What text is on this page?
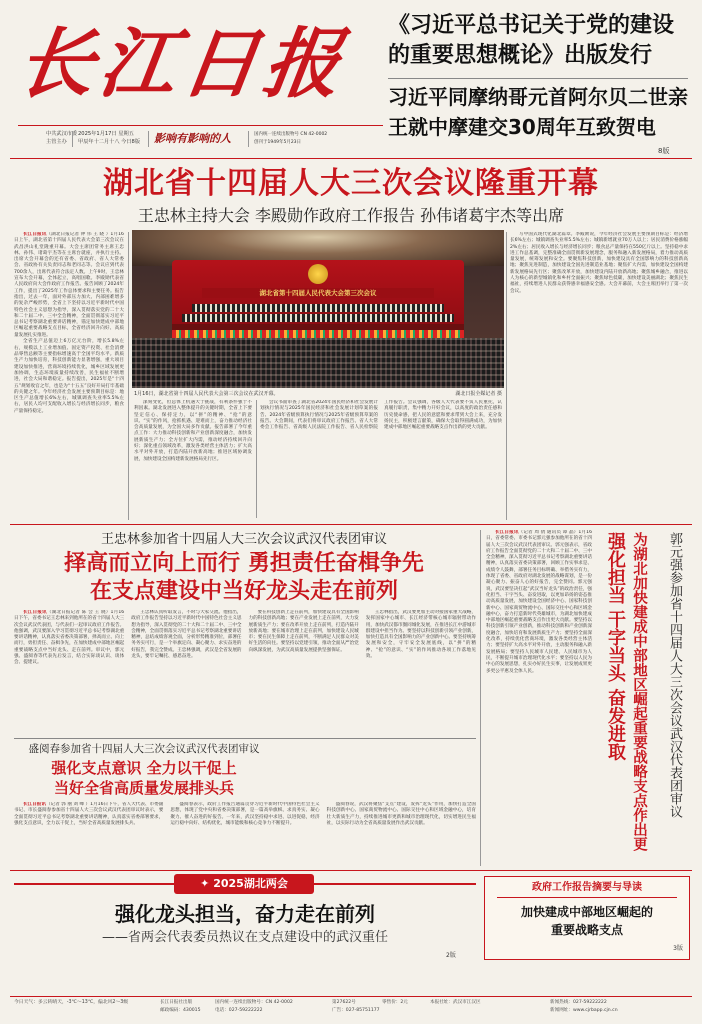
长江日报
中共武汉市委
主管主办
2025年1月17日 星期五
甲辰年十二月十八 今日8版 影响有影响的人	国内统一连续出版物号 CN 42-0002
创刊于1949年5月23日
《习近平总书记关于党的建设的重要思想概论》出版发行
习近平同摩纳哥元首阿尔贝二世亲王就中摩建交30周年互致贺电
8版
湖北省十四届人大三次会议隆重开幕
王忠林主持大会 李殿勋作政府工作报告 孙伟诸葛宇杰等出席

长江日报讯（湖北日报记者 钟 伟 王 晓 ）1月16日上午，湖北省第十四届人民代表大会第三次会议在武昌洪山礼堂隆重开幕。大会主席团常务主席王忠林、孙伟、诸葛宇杰等在主席台就座，并执行主持。出席大会开幕会的还有省委、省政府、省人大常委会、省政协有关负责同志和老同志等。会议应到代表700余人，出席代表符合法定人数。上午9时，王忠林宣布大会开幕，全体起立，高唱国歌。李殿勋代表省人民政府向大会作政府工作报告。报告回顾了2024年工作，提出了2025年工作总体要求和主要任务。报告指出，过去一年，面对外部压力加大、内部困难增多的复杂严峻形势，全省上下坚持以习近平新时代中国特色社会主义思想为指导，深入贯彻落实党的二十大和二十届二中、三中全会精神，全面贯彻落实习近平总书记考察湖北重要讲话精神，锚定加快建成中部地区崛起重要战略支点目标，全省经济回升向好、高质量发展扎实推进。

全省生产总值迈上6万亿元台阶，增长5.8%左右，规模以上工业增加值、固定资产投资、社会消费品零售总额等主要指标增速高于全国平均水平。新质生产力加快培育，科技创新能力显著增强，重大项目建设加快推进，营商环境持续优化，城乡区域发展更加协调，生态环境质量持续改善，民生福祉不断增进，社会大局和谐稳定。报告提出，2025年是“十四五”规划收官之年，也是为“十五五”良好开局打牢基础的关键之年。今年经济社会发展主要预期目标是：地区生产总值增长6%左右，城镇调查失业率5.5%左右，居民人均可支配收入增长与经济增长同步，粮食产量保持稳定。

湖北省第十四届人民代表大会第三次会议
1月16日，湖北省第十四届人民代表大会第三次会议在武汉开幕。	湖北日报全媒记者 摄

深刻变化，但总体上机遇大于挑战，有利条件强于不利因素。湖北发展进入整体提升的关键时期，全省上下要坚定信心、保持定力，以“拼”的精神、“抢”的意识、“实”的作风，抢抓机遇、迎难而上，奋力推动经济社会高质量发展，为全国大局多作贡献。报告部署了今年重点工作：大力推动科技创新和产业创新深度融合，加快发展新质生产力；全方位扩大内需，推动经济持续回升向好；深化重点领域改革，激发各类经营主体活力；扩大高水平对外开放，打造内陆开放新高地；推进区域协调发展，加快建设全国构建新发展格局先行区。

会议书面审查了湖北省2024年国民经济和社会发展计划执行情况与2025年国民经济和社会发展计划草案的报告、2024年省级预算执行情况与2025年省级预算草案的报告。大会期间，代表们将审议政府工作报告、省人大常委会工作报告、省高级人民法院工作报告、省人民检察院工作报告。会议强调，各级人大代表要不负人民重托，认真履行职责，集中精力开好会议，以高度的政治责任感和历史使命感，把人民的意愿和要求带到大会上来，充分发扬民主，积极建言献策，确保大会取得圆满成功，为加快建成中部地区崛起重要战略支点作出新的更大贡献。

写中国式现代化湖北篇章。李殿勋说，今年经济社会发展主要预期目标是：经济增长6%左右；城镇调查失业率5.5%左右；城镇新增就业70万人以上；居民消费价格涨幅2%左右；居民收入增长与经济增长同步；粮食总产量保持在550亿斤以上。坚持稳中求进工作总基调，完整准确全面贯彻新发展理念，服务和融入新发展格局，着力推动高质量发展，统筹发展和安全。要聚焦科技创新，加快建设具有全国影响力的科技创新高地；聚焦先进制造，加快建设全国先进制造业基地；聚焦扩大内需，加快建设全国构建新发展格局先行区；聚焦改革开放，加快建设内陆开放新高地；聚焦城乡融合，推进以人为核心的新型城镇化和乡村全面振兴；聚焦绿色低碳，加快建设美丽湖北；聚焦民生福祉，持续增进人民群众获得感幸福感安全感。大会开幕前，大会主席团举行了第一次会议。

王忠林参加省十四届人大三次会议武汉代表团审议
择高而立向上而行 勇担责任奋楫争先
在支点建设中当好龙头走在前列

长江日报讯（湖北日报记者 陈 会 王 晓）1月16日下午，省委书记王忠林来到他所在的省十四届人大三次会议武汉代表团，与代表们一起审议政府工作报告。他强调，武汉要深入学习贯彻习近平总书记考察湖北重要讲话精神，认真落实省委决策部署，择高而立、向上而行，勇担责任、奋楫争先，在加快建成中部地区崛起重要战略支点中当好龙头、走在前列。审议中，郭元强、盛阅春等代表先后发言，结合实际谈认识、谈体会、提建议。

王忠林认真听取发言，不时与大家交流。他指出，政府工作报告坚持以习近平新时代中国特色社会主义思想为指导，深入贯彻党的二十大和二十届二中、三中全会精神，全面贯彻落实习近平总书记考察湖北重要讲话精神，总结成绩客观全面，分析形势精准到位，部署任务务实可行，是一个举旗定向、凝心聚力、求实奋进的好报告，我完全赞成。王忠林强调，武汉是全省发展的龙头，要牢记嘱托、感恩奋进。

要在科技创新上走在前列，加快建设具有全国影响力的科技创新高地；要在产业发展上走在前列，大力发展新质生产力；要在改革开放上走在前列，打造内陆开放新高地；要在城市治理上走在前列，加快建设人民城市；要在民生保障上走在前列，不断满足人民群众对美好生活的向往。要坚持以党建引领，推动全面从严治党向纵深发展，为武汉高质量发展提供坚强保证。

王忠林指出，武汉要更加主动对接国家重大战略，发挥国家中心城市、长江经济带核心城市辐射带动作用，加快武汉都市圈同城化发展，在推进长江中游城市群建设中担当作为。要坚持以科技创新引领产业创新，加快打造具有全国影响力的产业创新中心。要坚持统筹发展和安全，守牢安全发展底线，以“拼”的精神、“抢”的意识、“实”的作风推动各项工作落地见效。

盛阅春参加省十四届人大三次会议武汉代表团审议
强化支点意识 全力以干促上
当好全省高质量发展排头兵

长江日报讯（记者 郭 丽 刘 峰 ）1月16日下午，省人大代表、市委副书记、市长盛阅春参加省十四届人大三次会议武汉代表团审议时表示，要全面贯彻习近平总书记考察湖北重要讲话精神，认真落实省委部署要求，强化支点意识，全力以干促上，当好全省高质量发展排头兵。

盛阅春表示，政府工作报告通篇贯穿习近平新时代中国特色社会主义思想，体现了党中央和省委决策部署，是一篇高举旗帜、求真务实、凝心聚力、催人奋进的好报告。一年来，武汉坚持稳中求进、以进促稳，经济运行稳中向好、结构优化，城市能级和核心竞争力不断提升。

盛阅春说，武汉将聚焦“支点”建设，发挥“龙头”作用，加快打造全国科技创新中心、国家商贸物流中心、国际交往中心和区域金融中心，培育壮大新质生产力，持续推进城市更新和城市治理现代化，切实增进民生福祉，以实际行动为全省高质量发展作出武汉贡献。

长江日报讯（记者 周 倩 通讯员 谭 晶）1月16日，省委常委、市委书记郭元强参加他所在的省十四届人大三次会议武汉代表团审议。郭元强表示，省政府工作报告全面贯彻党的二十大和二十届二中、三中全会精神，深入贯彻习近平总书记考察湖北重要讲话精神，认真落实省委决策部署，回顾工作实事求是、成绩令人鼓舞，部署任务目标明确、举措务实有力，体现了省委、省政府对湖北发展的战略谋划，是一份凝心聚力、振奋人心的好报告，完全赞同。郭元强说，武汉要坚决扛起“武汉当好龙头”的政治责任，强化担当、干字当头、奋发进取，以更加昂扬的姿态推动高质量发展，加快建设全国经济中心、国家科技创新中心、国家商贸物流中心、国际交往中心和区域金融中心，奋力打造新时代英雄城市，为湖北加快建成中部地区崛起重要战略支点作出更大贡献。要坚持以科技创新引领产业创新，推动科技创新和产业创新深度融合，加快培育和发展新质生产力；要坚持全面深化改革，持续优化营商环境，激发各类经营主体活力；要坚持扩大高水平对外开放，主动服务和融入新发展格局；要坚持人民城市人民建、人民城市为人民，不断提升城市治理现代化水平；要坚持以人民为中心的发展思想，扎实办好民生实事，让发展成果更多更公平惠及全体人民。	强化担当 干字当头 奋发进取 为湖北加快建成中部地区崛起重要战略支点作出更
郭元强参加省十四届人大三次会议武汉代表团审议
✦ 2025湖北两会
强化龙头担当，奋力走在前列
——省两会代表委员热议在支点建设中的武汉重任
2版
政府工作报告摘要与导读
加快建成中部地区崛起的
重要战略支点
3版
今日天气：多云转晴天，-3℃～13℃，偏北风2～3级	长江日报社出版	国内统一连续出版物号：CN 42-0002	第27622号	零售价：2元	本报社址：武汉市江汉区	新闻热线：027-59222222
邮政编码：430015	电话：027-59222222	广告：027-85751177	新闻网址：www.cjrbapp.cjn.cn
